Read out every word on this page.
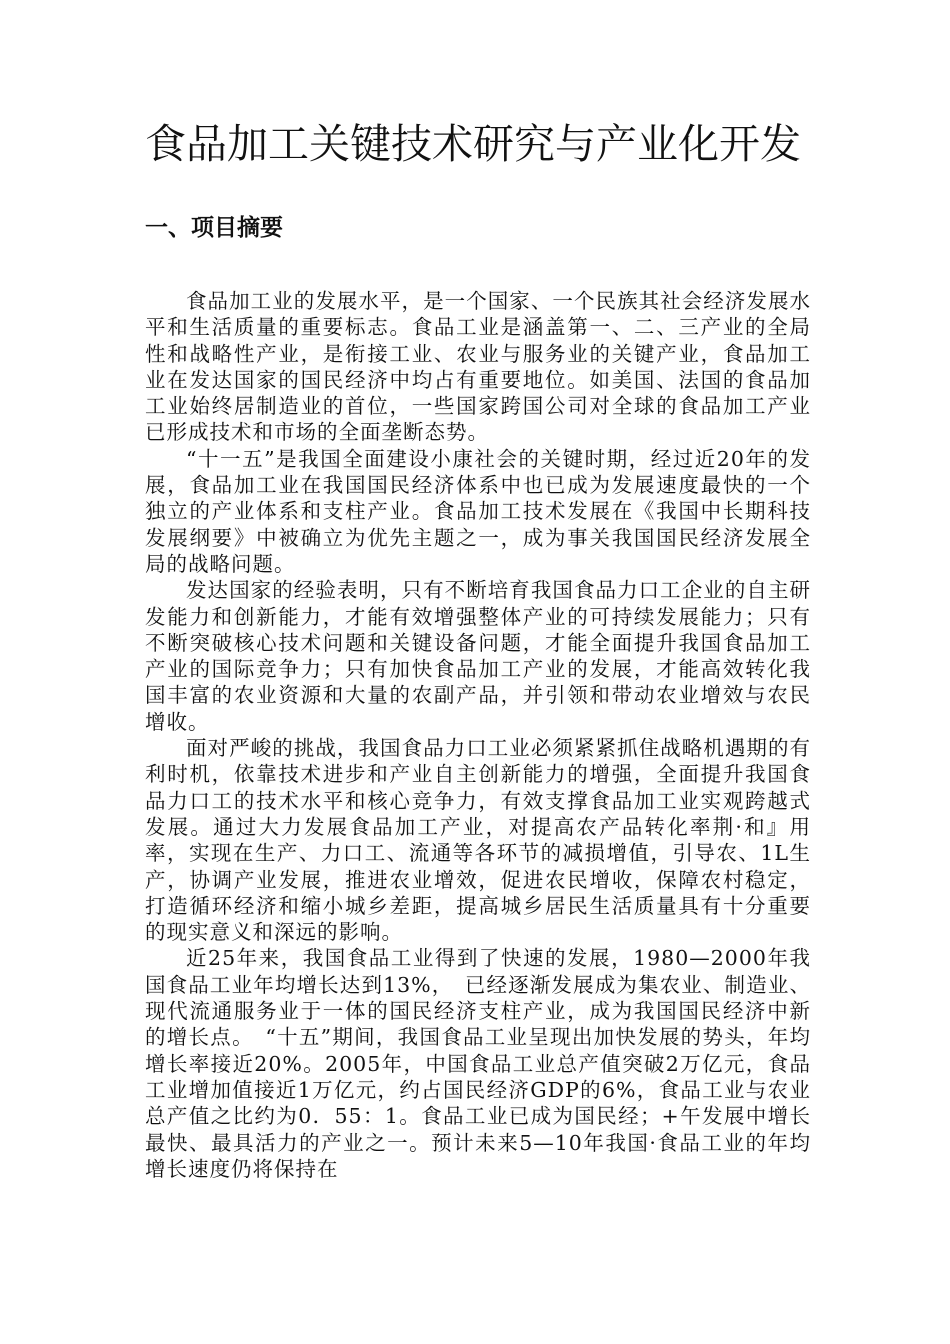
食品加工关键技术研究与产业化开发
一、项目摘要

食品加工业的发展水平，是一个国家、一个民族其社会经济发展水平和生活质量的重要标志。食品工业是涵盖第一、二、三产业的全局性和战略性产业，是衔接工业、农业与服务业的关键产业，食品加工业在发达国家的国民经济中均占有重要地位。如美国、法国的食品加工业始终居制造业的首位，一些国家跨国公司对全球的食品加工产业已形成技术和市场的全面垄断态势。

“十一五”是我国全面建设小康社会的关键时期，经过近20年的发展，食品加工业在我国国民经济体系中也已成为发展速度最快的一个独立的产业体系和支柱产业。食品加工技术发展在《我国中长期科技发展纲要》中被确立为优先主题之一，成为事关我国国民经济发展全局的战略问题。

发达国家的经验表明，只有不断培育我国食品力口工企业的自主研发能力和创新能力，才能有效增强整体产业的可持续发展能力；只有不断突破核心技术问题和关键设备问题，才能全面提升我国食品加工产业的国际竞争力；只有加快食品加工产业的发展，才能高效转化我国丰富的农业资源和大量的农副产品，并引领和带动农业增效与农民增收。

面对严峻的挑战，我国食品力口工业必须紧紧抓住战略机遇期的有利时机，依靠技术进步和产业自主创新能力的增强，全面提升我国食品力口工的技术水平和核心竞争力，有效支撑食品加工业实观跨越式发展。通过大力发展食品加工产业，对提高农产品转化率荆·和』用率，实现在生产、力口工、流通等各环节的减损增值，引导农、1L生产，协调产业发展，推进农业增效，促进农民增收，保障农村稳定，打造循环经济和缩小城乡差距，提高城乡居民生活质量具有十分重要的现实意义和深远的影响。

近25年来，我国食品工业得到了快速的发展，1980—2000年我国食品工业年均增长达到13%，　已经逐渐发展成为集农业、制造业、现代流通服务业于一体的国民经济支柱产业，成为我国国民经济中新的增长点。　“十五”期间，我国食品工业呈现出加快发展的势头，年均增长率接近20%。2005年，中国食品工业总产值突破2万亿元，食品工业增加值接近1万亿元，约占国民经济GDP的6%，食品工业与农业总产值之比约为0．55：1。食品工业已成为国民经；+午发展中增长最快、最具活力的产业之一。预计未来5—10年我国·食品工业的年均增长速度仍将保持在
